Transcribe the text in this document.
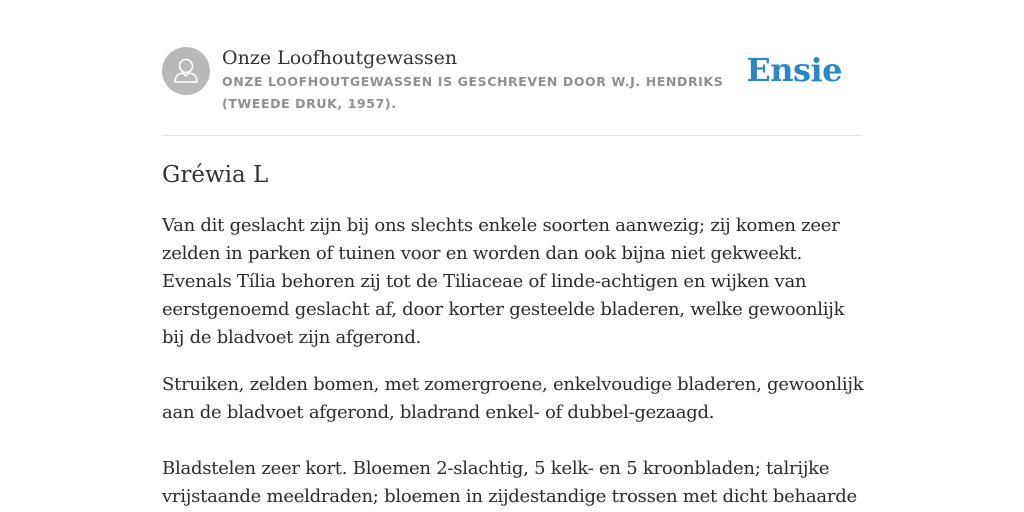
Onze Loofhoutgewassen
ONZE LOOFHOUTGEWASSEN IS GESCHREVEN DOOR W.J. HENDRIKS (TWEEDE DRUK, 1957).
Ensie
Gréwia L

Van dit geslacht zijn bij ons slechts enkele soorten aanwezig; zij komen zeer zelden in parken of tuinen voor en worden dan ook bijna niet gekweekt. Evenals Tília behoren zij tot de Tiliaceae of linde-achtigen en wijken van eerstgenoemd geslacht af, door korter gesteelde bladeren, welke gewoonlijk bij de bladvoet zijn afgerond.

Struiken, zelden bomen, met zomergroene, enkelvoudige bladeren, gewoonlijk aan de bladvoet afgerond, bladrand enkel- of dubbel-gezaagd.

Bladstelen zeer kort. Bloemen 2-slachtig, 5 kelk- en 5 kroonbladen; talrijke vrijstaande meeldraden; bloemen in zijdestandige trossen met dicht behaarde
